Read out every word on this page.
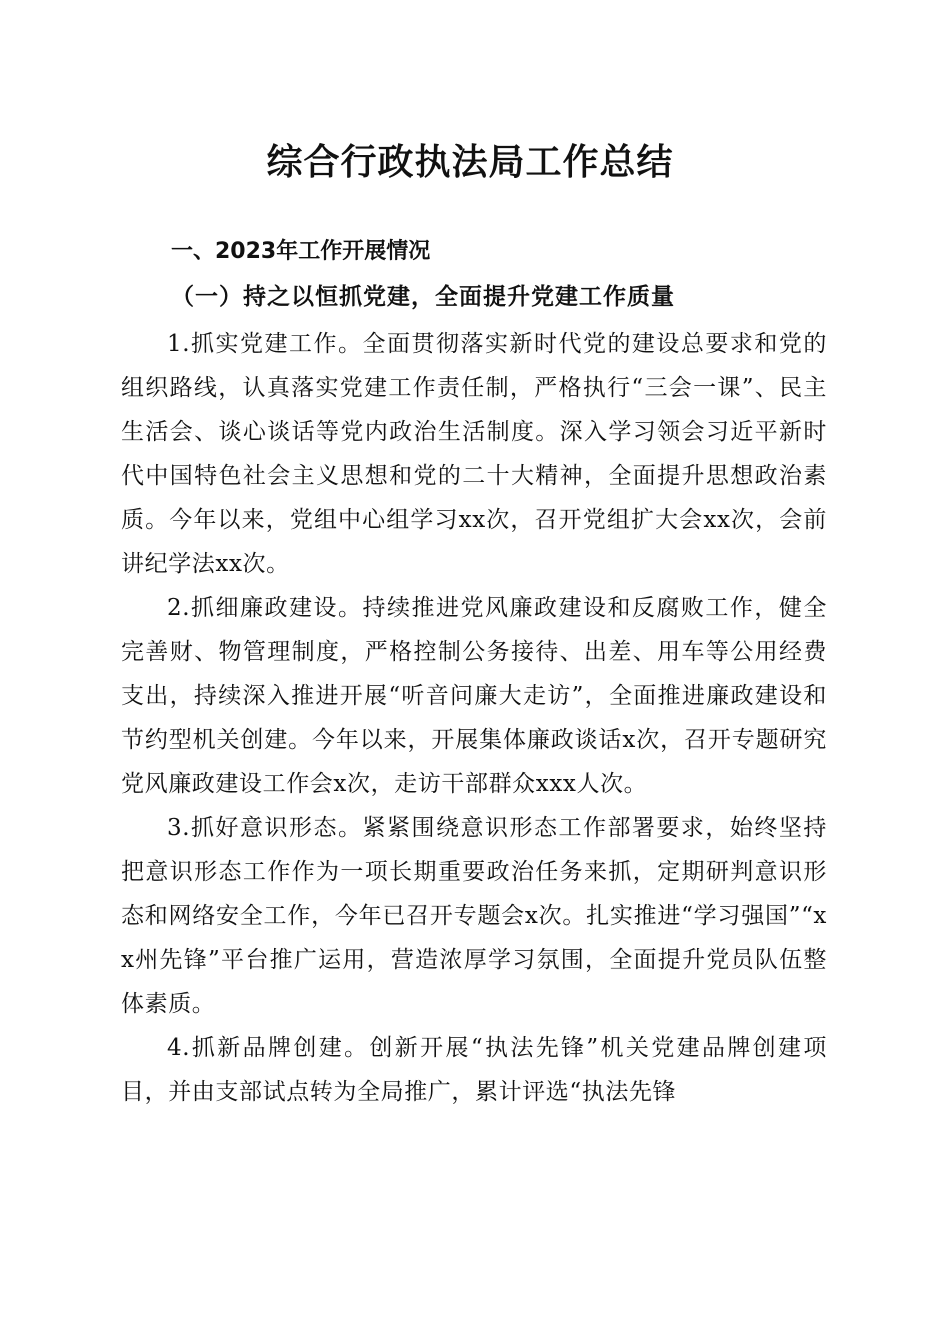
综合行政执法局工作总结
一、2023年工作开展情况
（一）持之以恒抓党建，全面提升党建工作质量

1.抓实党建工作。全面贯彻落实新时代党的建设总要求和党的组织路线，认真落实党建工作责任制，严格执行“三会一课”、民主生活会、谈心谈话等党内政治生活制度。深入学习领会习近平新时代中国特色社会主义思想和党的二十大精神，全面提升思想政治素质。今年以来，党组中心组学习xx次，召开党组扩大会xx次，会前讲纪学法xx次。

2.抓细廉政建设。持续推进党风廉政建设和反腐败工作，健全完善财、物管理制度，严格控制公务接待、出差、用车等公用经费支出，持续深入推进开展“听音问廉大走访”，全面推进廉政建设和节约型机关创建。今年以来，开展集体廉政谈话x次，召开专题研究党风廉政建设工作会x次，走访干部群众xxx人次。

3.抓好意识形态。紧紧围绕意识形态工作部署要求，始终坚持把意识形态工作作为一项长期重要政治任务来抓，定期研判意识形态和网络安全工作，今年已召开专题会x次。扎实推进“学习强国”“xx州先锋”平台推广运用，营造浓厚学习氛围，全面提升党员队伍整体素质。

4.抓新品牌创建。创新开展“执法先锋”机关党建品牌创建项目，并由支部试点转为全局推广，累计评选“执法先锋
